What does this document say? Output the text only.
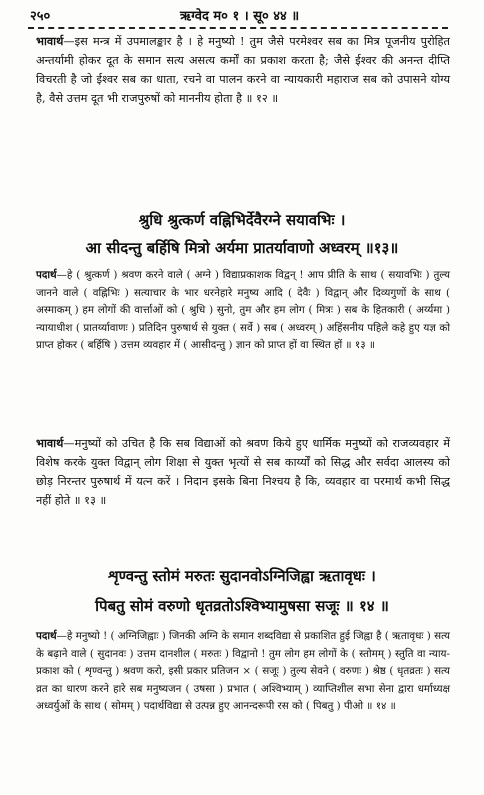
२५०	ऋग्वेद म० १ । सू० ४४ ॥

भावार्थ—इस मन्त्र में उपमालङ्कार है । हे मनुष्यो ! तुम जैसे परमेश्वर सब का मित्र पूजनीय पुरोहित अन्तर्यामी होकर दूत के समान सत्य असत्य कर्मों का प्रकाश करता है; जैसे ईश्वर की अनन्त दीप्ति विचरती है जो ईश्वर सब का धाता, रचने वा पालन करने वा न्यायकारी महाराज सब को उपासने योग्य है, वैसे उत्तम दूत भी राजपुरुषों को माननीय होता है ॥ १२ ॥

श्रुधि श्रुत्कर्ण वह्निभिर्देवैरग्ने सयावभिः ।

आ सीदन्तु बर्हिषि मित्रो अर्यमा प्रातर्यावाणो अध्वरम् ॥१३॥

पदार्थ—हे ( श्रुत्कर्ण ) श्रवण करने वाले ( अग्ने ) विद्याप्रकाशक विद्वन् ! आप प्रीति के साथ ( सयावभिः ) तुल्य जानने वाले ( वह्निभिः ) सत्याचार के भार धरनेहारे मनुष्य आदि ( देवैः ) विद्वान् और दिव्यगुणों के साथ ( अस्माकम् ) हम लोगों की वार्त्ताओं को ( श्रुधि ) सुनो, तुम और हम लोग ( मित्रः ) सब के हितकारी ( अर्य्यमा ) न्यायाधीश ( प्रातर्य्यावाणः ) प्रतिदिन पुरुषार्थ से युक्त ( सर्वे ) सब ( अध्वरम् ) अहिंसनीय पहिले कहे हुए यज्ञ को प्राप्त होकर ( बर्हिषि ) उत्तम व्यवहार में ( आसीदन्तु ) ज्ञान को प्राप्त हों वा स्थित हों ॥ १३ ॥

भावार्थ—मनुष्यों को उचित है कि सब विद्याओं को श्रवण किये हुए धार्मिक मनुष्यों को राजव्यवहार में विशेष करके युक्त विद्वान् लोग शिक्षा से युक्त भृत्यों से सब कार्य्यों को सिद्ध और सर्वदा आलस्य को छोड़ निरन्तर पुरुषार्थ में यत्न करें । निदान इसके बिना निश्चय है कि, व्यवहार वा परमार्थ कभी सिद्ध नहीं होते ॥ १३ ॥

शृण्वन्तु स्तोमं मरुतः सुदानवोऽग्निजिह्वा ऋतावृधः ।

पिबतु सोमं वरुणो धृतव्रतोऽश्विभ्यामुषसा सजूः ॥ १४ ॥

पदार्थ—हे मनुष्यो ! ( अग्निजिह्वाः ) जिनकी अग्नि के समान शब्दविद्या से प्रकाशित हुई जिह्वा है ( ऋतावृधः ) सत्य के बढ़ाने वाले ( सुदानवः ) उत्तम दानशील ( मरुतः ) विद्वानो ! तुम लोग हम लोगों के ( स्तोमम् ) स्तुति वा न्याय-प्रकाश को ( शृण्वन्तु ) श्रवण करो, इसी प्रकार प्रतिजन × ( सजूः ) तुल्य सेवने ( वरुणः ) श्रेष्ठ ( धृतव्रतः ) सत्य व्रत का धारण करने हारे सब मनुष्यजन ( उषसा ) प्रभात ( अश्विभ्याम् ) व्याप्तिशील सभा सेना द्वारा धर्माध्यक्ष अध्वर्युओं के साथ ( सोमम् ) पदार्थविद्या से उत्पन्न हुए आनन्दरूपी रस को ( पिबतु ) पीओ ॥ १४ ॥
